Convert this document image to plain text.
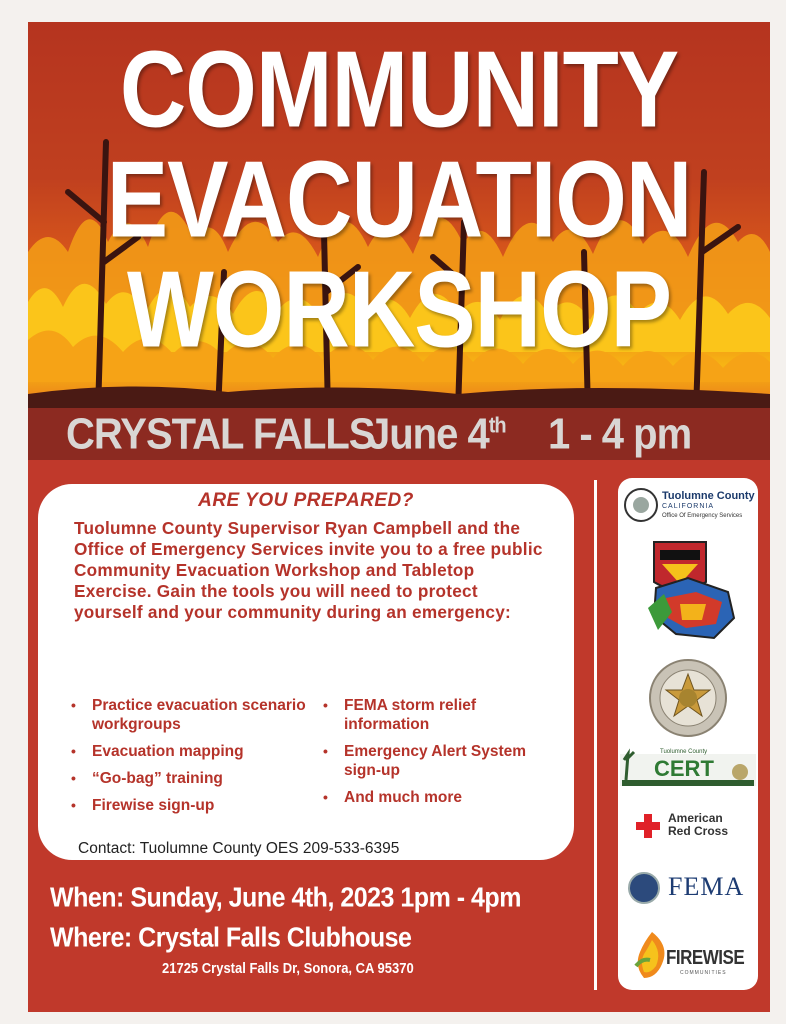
COMMUNITY
EVACUATION
WORKSHOP
CRYSTAL FALLS
June 4th 1 - 4 pm
ARE YOU PREPARED?

Tuolumne County Supervisor Ryan Campbell and the Office of Emergency Services invite you to a free public Community Evacuation Workshop and Tabletop Exercise. Gain the tools you will need to protect yourself and your community during an emergency:

• Practice evacuation scenario workgroups
• Evacuation mapping
• “Go-bag” training
• Firewise sign-up
• FEMA storm relief information
• Emergency Alert System sign-up
• And much more

Contact: Tuolumne County OES 209-533-6395

Tuolumne County
CALIFORNIA
Office Of Emergency Services
CERT
Tuolumne County
American
Red Cross
FEMA
FIREWISE
COMMUNITIES

When: Sunday, June 4th, 2023 1pm - 4pm

Where: Crystal Falls Clubhouse

21725 Crystal Falls Dr, Sonora, CA 95370
